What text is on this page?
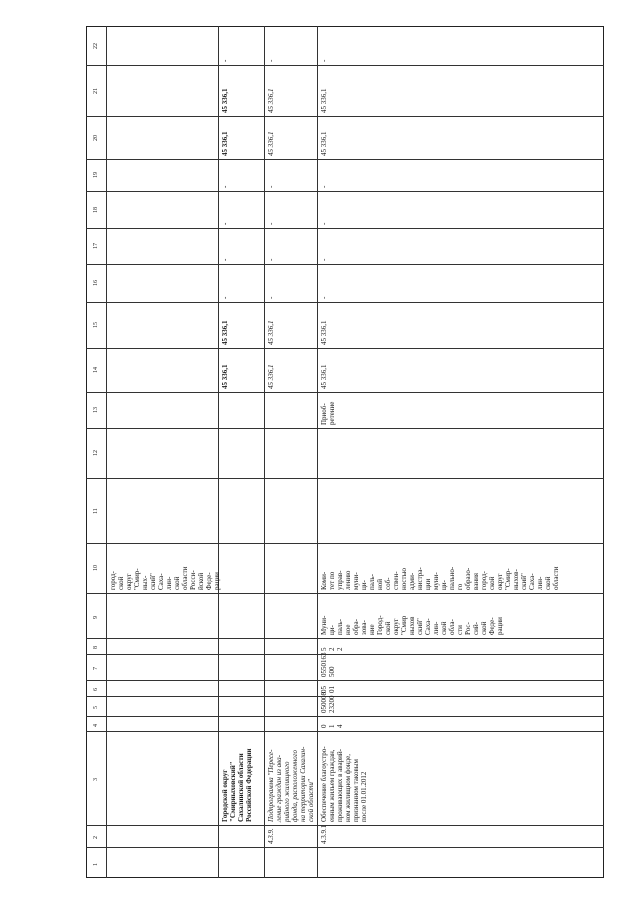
1
2
3
4
5
6
7
8
9
10
11
12
13
14
15
16
17
18
19
20
21
22
город-
ской
округ
"Смир-
ных-
ский"
Саха-
лин-
ской
области
Росси-
йской
Феде-
рации
Городской округ
"Смирныховский"
Сахалинской области
Российской Федерации
45 336,1
45 336,1
-
-
-
-
45 336,1
45 336,1
-
4.3.9.
Подпрограмма "Пересе-
ление граждан из ава-
рийного жилищного
фонда, расположенного
на территории Сахалин-
ской области"
45 336,1
45 336,1
-
-
-
-
45 336,1
45 336,1
-
4.3.9.1
Обеспечение благоустро-
енным жильем граждан,
проживающих в аварий-
ном жилищном фонде,
признанном таковым
после 01.01.2012
0
1
4
050008
23200
05
01
0550163
500
5
2
2
Муни-
ци-
паль-
ное
обра-
зова-
ние
Город-
ской
округ
"Смир
ныхов
ский"
Саха-
лин-
ской
обла-
сти
Рос-
сий-
ской
Феде-
рации
Коми-
тет по
управ-
лению
муни-
ци-
паль-
ной
соб-
ствен-
ностью
адми-
нистра-
ции
муни-
ци-
пально-
го
образо-
вания
город-
ской
округ
"Смир-
ныхов-
ский"
Саха-
лин-
ской
области
Приоб-
ретение
45 336,1
45 336,1
-
-
-
-
45 336,1
45 336,1
-
